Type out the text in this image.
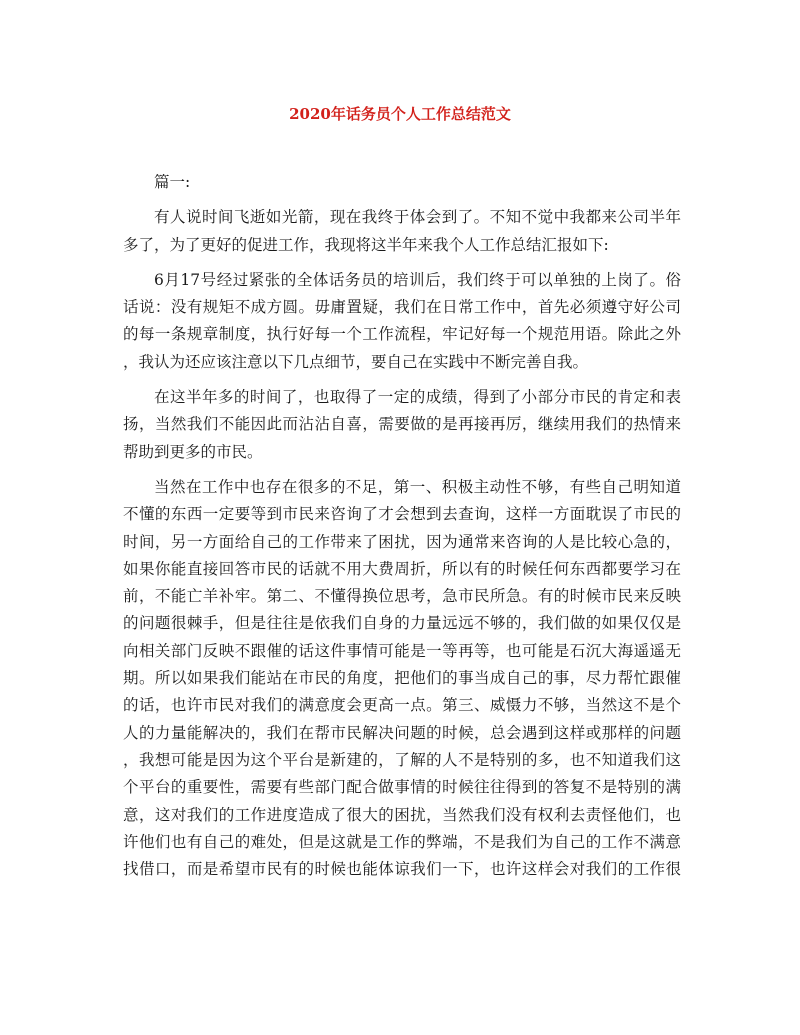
2020年话务员个人工作总结范文
篇一:
有人说时间飞逝如光箭，现在我终于体会到了。不知不觉中我都来公司半年
多了，为了更好的促进工作，我现将这半年来我个人工作总结汇报如下:
6月17号经过紧张的全体话务员的培训后，我们终于可以单独的上岗了。俗
话说：没有规矩不成方圆。毋庸置疑，我们在日常工作中，首先必须遵守好公司
的每一条规章制度，执行好每一个工作流程，牢记好每一个规范用语。除此之外
，我认为还应该注意以下几点细节，要自己在实践中不断完善自我。
在这半年多的时间了，也取得了一定的成绩，得到了小部分市民的肯定和表
扬，当然我们不能因此而沾沾自喜，需要做的是再接再厉，继续用我们的热情来
帮助到更多的市民。
当然在工作中也存在很多的不足，第一、积极主动性不够，有些自己明知道
不懂的东西一定要等到市民来咨询了才会想到去查询，这样一方面耽误了市民的
时间，另一方面给自己的工作带来了困扰，因为通常来咨询的人是比较心急的，
如果你能直接回答市民的话就不用大费周折，所以有的时候任何东西都要学习在
前，不能亡羊补牢。第二、不懂得换位思考，急市民所急。有的时候市民来反映
的问题很棘手，但是往往是依我们自身的力量远远不够的，我们做的如果仅仅是
向相关部门反映不跟催的话这件事情可能是一等再等，也可能是石沉大海遥遥无
期。所以如果我们能站在市民的角度，把他们的事当成自己的事，尽力帮忙跟催
的话，也许市民对我们的满意度会更高一点。第三、威慑力不够，当然这不是个
人的力量能解决的，我们在帮市民解决问题的时候，总会遇到这样或那样的问题
，我想可能是因为这个平台是新建的，了解的人不是特别的多，也不知道我们这
个平台的重要性，需要有些部门配合做事情的时候往往得到的答复不是特别的满
意，这对我们的工作进度造成了很大的困扰，当然我们没有权利去责怪他们，也
许他们也有自己的难处，但是这就是工作的弊端，不是我们为自己的工作不满意
找借口，而是希望市民有的时候也能体谅我们一下，也许这样会对我们的工作很
